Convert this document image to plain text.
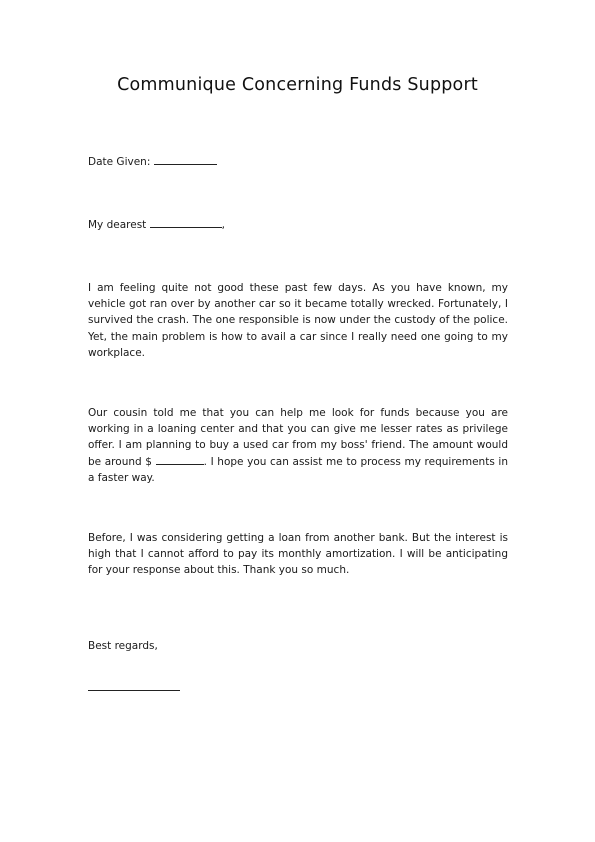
Communique Concerning Funds Support
Date Given:
My dearest	,
I am feeling quite not good these past few days. As you have known, my vehicle got ran over by another car so it became totally wrecked. Fortunately, I survived the crash. The one responsible is now under the custody of the police. Yet, the main problem is how to avail a car since I really need one going to my workplace.
Our cousin told me that you can help me look for funds because you are working in a loaning center and that you can give me lesser rates as privilege offer. I am planning to buy a used car from my boss' friend. The amount would be around $	. I hope you can assist me to process my requirements in a faster way.
Before, I was considering getting a loan from another bank. But the interest is high that I cannot afford to pay its monthly amortization. I will be anticipating for your response about this. Thank you so much.
Best regards,
